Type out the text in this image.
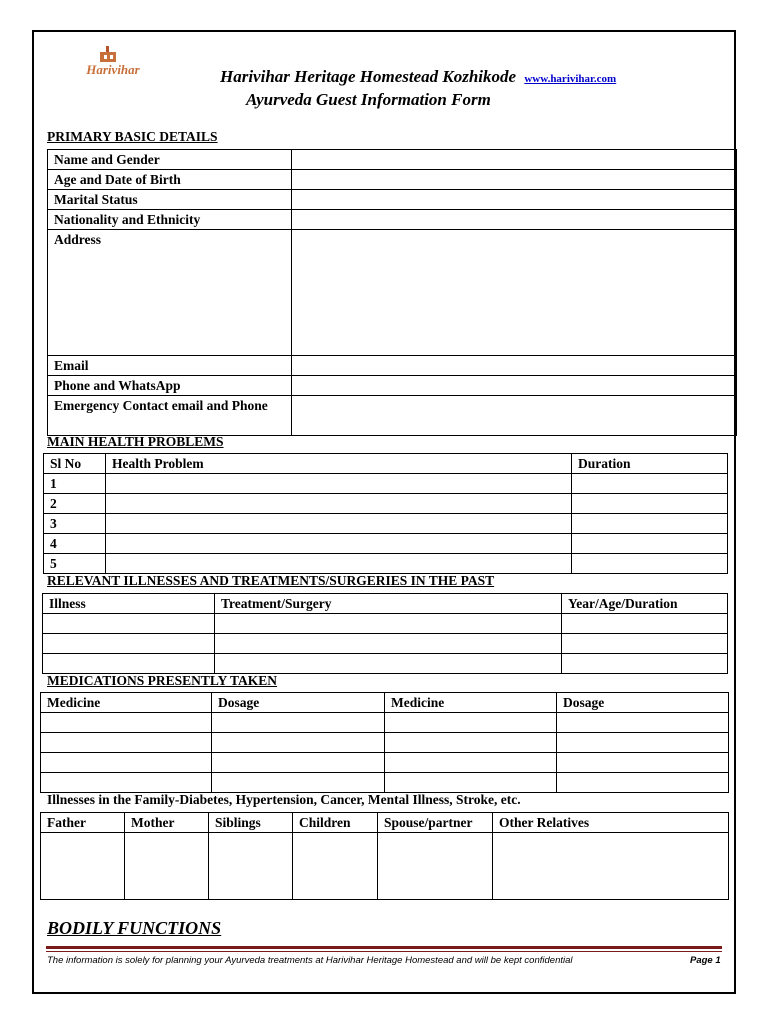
Harivihar	Harivihar Heritage Homestead Kozhikode www.harivihar.com
Ayurveda Guest Information Form
PRIMARY BASIC DETAILS
Name and Gender	
Age and Date of Birth	
Marital Status	
Nationality and Ethnicity	
Address	
Email	
Phone and WhatsApp	
Emergency Contact email and Phone	
MAIN HEALTH PROBLEMS
Sl No	Health Problem	Duration
1		
2		
3		
4		
5		
RELEVANT ILLNESSES AND TREATMENTS/SURGERIES IN THE PAST
Illness	Treatment/Surgery	Year/Age/Duration

MEDICATIONS PRESENTLY TAKEN
Medicine	Dosage	Medicine	Dosage

Illnesses in the Family-Diabetes, Hypertension, Cancer, Mental Illness, Stroke, etc.
Father	Mother	Siblings	Children	Spouse/partner	Other Relatives

BODILY FUNCTIONS
The information is solely for planning your Ayurveda treatments at Harivihar Heritage Homestead and will be kept confidential	Page 1
